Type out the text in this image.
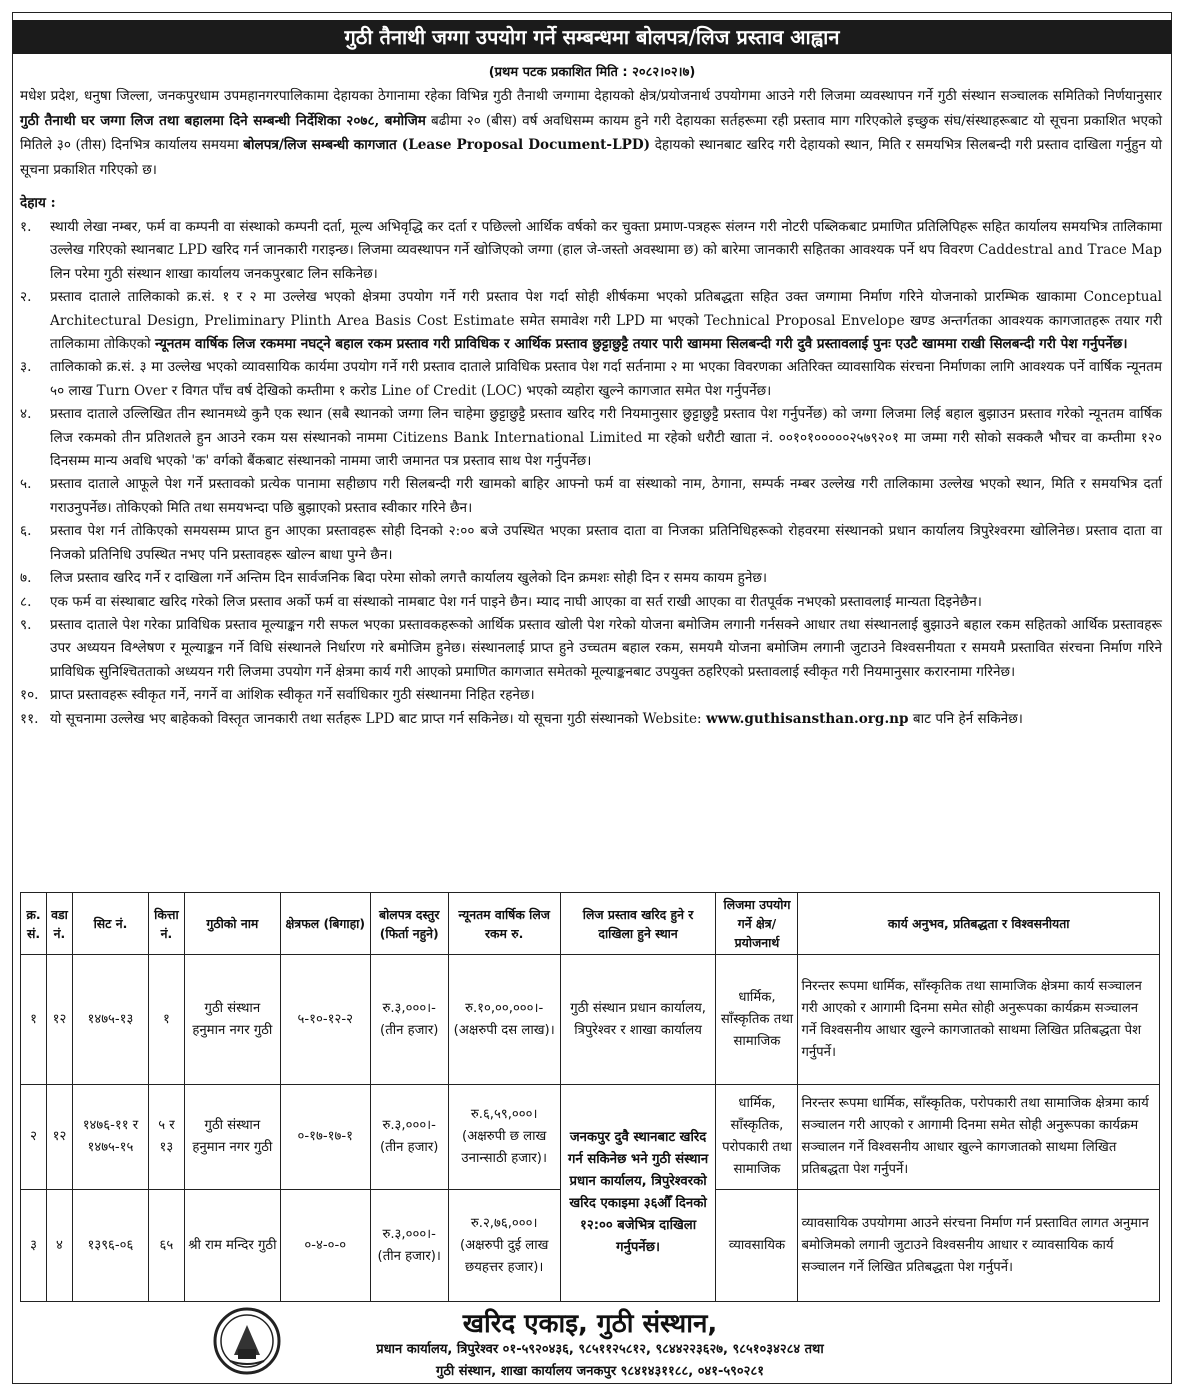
गुठी तैनाथी जग्गा उपयोग गर्ने सम्बन्धमा बोलपत्र/लिज प्रस्ताव आह्वान
(प्रथम पटक प्रकाशित मिति : २०८२।०२।७)
मधेश प्रदेश, धनुषा जिल्ला, जनकपुरधाम उपमहानगरपालिकामा देहायका ठेगानामा रहेका विभिन्न गुठी तैनाथी जग्गामा देहायको क्षेत्र/प्रयोजनार्थ उपयोगमा आउने गरी लिजमा व्यवस्थापन गर्ने गुठी संस्थान सञ्चालक समितिको निर्णयानुसार गुठी तैनाथी घर जग्गा लिज तथा बहालमा दिने सम्बन्धी निर्देशिका २०७८, बमोजिम बढीमा २० (बीस) वर्ष अवधिसम्म कायम हुने गरी देहायका सर्तहरूमा रही प्रस्ताव माग गरिएकोले इच्छुक संघ/संस्थाहरूबाट यो सूचना प्रकाशित भएको मितिले ३० (तीस) दिनभित्र कार्यालय समयमा बोलपत्र/लिज सम्बन्धी कागजात (Lease Proposal Document-LPD) देहायको स्थानबाट खरिद गरी देहायको स्थान, मिति र समयभित्र सिलबन्दी गरी प्रस्ताव दाखिला गर्नुहुन यो सूचना प्रकाशित गरिएको छ।
देहाय :
१.	स्थायी लेखा नम्बर, फर्म वा कम्पनी वा संस्थाको कम्पनी दर्ता, मूल्य अभिवृद्धि कर दर्ता र पछिल्लो आर्थिक वर्षको कर चुक्ता प्रमाण-पत्रहरू संलग्न गरी नोटरी पब्लिकबाट प्रमाणित प्रतिलिपिहरू सहित कार्यालय समयभित्र तालिकामा उल्लेख गरिएको स्थानबाट LPD खरिद गर्न जानकारी गराइन्छ। लिजमा व्यवस्थापन गर्ने खोजिएको जग्गा (हाल जे-जस्तो अवस्थामा छ) को बारेमा जानकारी सहितका आवश्यक पर्ने थप विवरण Caddestral and Trace Map लिन परेमा गुठी संस्थान शाखा कार्यालय जनकपुरबाट लिन सकिनेछ।
२.	प्रस्ताव दाताले तालिकाको क्र.सं. १ र २ मा उल्लेख भएको क्षेत्रमा उपयोग गर्ने गरी प्रस्ताव पेश गर्दा सोही शीर्षकमा भएको प्रतिबद्धता सहित उक्त जग्गामा निर्माण गरिने योजनाको प्रारम्भिक खाकामा Conceptual Architectural Design, Preliminary Plinth Area Basis Cost Estimate समेत समावेश गरी LPD मा भएको Technical Proposal Envelope खण्ड अन्तर्गतका आवश्यक कागजातहरू तयार गरी तालिकामा तोकिएको न्यूनतम वार्षिक लिज रकममा नघट्ने बहाल रकम प्रस्ताव गरी प्राविधिक र आर्थिक प्रस्ताव छुट्टाछुट्टै तयार पारी खाममा सिलबन्दी गरी दुवै प्रस्तावलाई पुनः एउटै खाममा राखी सिलबन्दी गरी पेश गर्नुपर्नेछ।
३.	तालिकाको क्र.सं. ३ मा उल्लेख भएको व्यावसायिक कार्यमा उपयोग गर्ने गरी प्रस्ताव दाताले प्राविधिक प्रस्ताव पेश गर्दा सर्तनामा २ मा भएका विवरणका अतिरिक्त व्यावसायिक संरचना निर्माणका लागि आवश्यक पर्ने वार्षिक न्यूनतम ५० लाख Turn Over र विगत पाँच वर्ष देखिको कम्तीमा १ करोड Line of Credit (LOC) भएको व्यहोरा खुल्ने कागजात समेत पेश गर्नुपर्नेछ।
४.	प्रस्ताव दाताले उल्लिखित तीन स्थानमध्ये कुनै एक स्थान (सबै स्थानको जग्गा लिन चाहेमा छुट्टाछुट्टै प्रस्ताव खरिद गरी नियमानुसार छुट्टाछुट्टै प्रस्ताव पेश गर्नुपर्नेछ) को जग्गा लिजमा लिई बहाल बुझाउन प्रस्ताव गरेको न्यूनतम वार्षिक लिज रकमको तीन प्रतिशतले हुन आउने रकम यस संस्थानको नाममा Citizens Bank International Limited मा रहेको धरौटी खाता नं. ००१०१०००००२५७९२०१ मा जम्मा गरी सोको सक्कलै भौचर वा कम्तीमा १२० दिनसम्म मान्य अवधि भएको 'क' वर्गको बैंकबाट संस्थानको नाममा जारी जमानत पत्र प्रस्ताव साथ पेश गर्नुपर्नेछ।
५.	प्रस्ताव दाताले आफूले पेश गर्ने प्रस्तावको प्रत्येक पानामा सहीछाप गरी सिलबन्दी गरी खामको बाहिर आफ्नो फर्म वा संस्थाको नाम, ठेगाना, सम्पर्क नम्बर उल्लेख गरी तालिकामा उल्लेख भएको स्थान, मिति र समयभित्र दर्ता गराउनुपर्नेछ। तोकिएको मिति तथा समयभन्दा पछि बुझाएको प्रस्ताव स्वीकार गरिने छैन।
६.	प्रस्ताव पेश गर्न तोकिएको समयसम्म प्राप्त हुन आएका प्रस्तावहरू सोही दिनको २:०० बजे उपस्थित भएका प्रस्ताव दाता वा निजका प्रतिनिधिहरूको रोहवरमा संस्थानको प्रधान कार्यालय त्रिपुरेश्वरमा खोलिनेछ। प्रस्ताव दाता वा निजको प्रतिनिधि उपस्थित नभए पनि प्रस्तावहरू खोल्न बाधा पुग्ने छैन।
७.	लिज प्रस्ताव खरिद गर्ने र दाखिला गर्ने अन्तिम दिन सार्वजनिक बिदा परेमा सोको लगत्तै कार्यालय खुलेको दिन क्रमशः सोही दिन र समय कायम हुनेछ।
८.	एक फर्म वा संस्थाबाट खरिद गरेको लिज प्रस्ताव अर्को फर्म वा संस्थाको नामबाट पेश गर्न पाइने छैन। म्याद नाघी आएका वा सर्त राखी आएका वा रीतपूर्वक नभएको प्रस्तावलाई मान्यता दिइनेछैन।
९.	प्रस्ताव दाताले पेश गरेका प्राविधिक प्रस्ताव मूल्याङ्कन गरी सफल भएका प्रस्तावकहरूको आर्थिक प्रस्ताव खोली पेश गरेको योजना बमोजिम लगानी गर्नसक्ने आधार तथा संस्थानलाई बुझाउने बहाल रकम सहितको आर्थिक प्रस्तावहरू उपर अध्ययन विश्लेषण र मूल्याङ्कन गर्ने विधि संस्थानले निर्धारण गरे बमोजिम हुनेछ। संस्थानलाई प्राप्त हुने उच्चतम बहाल रकम, समयमै योजना बमोजिम लगानी जुटाउने विश्वसनीयता र समयमै प्रस्तावित संरचना निर्माण गरिने प्राविधिक सुनिश्चितताको अध्ययन गरी लिजमा उपयोग गर्ने क्षेत्रमा कार्य गरी आएको प्रमाणित कागजात समेतको मूल्याङ्कनबाट उपयुक्त ठहरिएको प्रस्तावलाई स्वीकृत गरी नियमानुसार करारनामा गरिनेछ।
१०. प्राप्त प्रस्तावहरू स्वीकृत गर्ने, नगर्ने वा आंशिक स्वीकृत गर्ने सर्वाधिकार गुठी संस्थानमा निहित रहनेछ।
११. यो सूचनामा उल्लेख भए बाहेकको विस्तृत जानकारी तथा सर्तहरू LPD बाट प्राप्त गर्न सकिनेछ। यो सूचना गुठी संस्थानको Website: www.guthisansthan.org.np बाट पनि हेर्न सकिनेछ।
क्र. सं.	वडा नं.	सिट नं.	कित्ता नं.	गुठीको नाम	क्षेत्रफल (बिगाहा)	बोलपत्र दस्तुर (फिर्ता नहुने)	न्यूनतम वार्षिक लिज रकम रु.	लिज प्रस्ताव खरिद हुने र दाखिला हुने स्थान	लिजमा उपयोग गर्ने क्षेत्र/प्रयोजनार्थ	कार्य अनुभव, प्रतिबद्धता र विश्वसनीयता
१	१२	१४७५-१३	१	गुठी संस्थान हनुमान नगर गुठी	५-१०-१२-२	रु.३,०००।- (तीन हजार)	रु.१०,००,०००।- (अक्षरुपी दस लाख)।	गुठी संस्थान प्रधान कार्यालय, त्रिपुरेश्वर र शाखा कार्यालय	धार्मिक, साँस्कृतिक तथा सामाजिक	निरन्तर रूपमा धार्मिक, साँस्कृतिक तथा सामाजिक क्षेत्रमा कार्य सञ्चालन गरी आएको र आगामी दिनमा समेत सोही अनुरूपका कार्यक्रम सञ्चालन गर्ने विश्वसनीय आधार खुल्ने कागजातको साथमा लिखित प्रतिबद्धता पेश गर्नुपर्ने।
२	१२	१४७६-११ र १४७५-१५	५ र १३	गुठी संस्थान हनुमान नगर गुठी	०-१७-१७-१	रु.३,०००।- (तीन हजार)	रु.६,५९,०००। (अक्षरुपी छ लाख उनान्साठी हजार)।	जनकपुर दुवै स्थानबाट खरिद गर्न सकिनेछ भने गुठी संस्थान प्रधान कार्यालय, त्रिपुरेश्वरको खरिद एकाइमा ३६औँ दिनको १२:०० बजेभित्र दाखिला गर्नुपर्नेछ।	धार्मिक, साँस्कृतिक, परोपकारी तथा सामाजिक	निरन्तर रूपमा धार्मिक, साँस्कृतिक, परोपकारी तथा सामाजिक क्षेत्रमा कार्य सञ्चालन गरी आएको र आगामी दिनमा समेत सोही अनुरूपका कार्यक्रम सञ्चालन गर्ने विश्वसनीय आधार खुल्ने कागजातको साथमा लिखित प्रतिबद्धता पेश गर्नुपर्ने।
३	४	१३९६-०६	६५	श्री राम मन्दिर गुठी	०-४-०-०	रु.३,०००।- (तीन हजार)।	रु.२,७६,०००। (अक्षरुपी दुई लाख छयहत्तर हजार)।		व्यावसायिक	व्यावसायिक उपयोगमा आउने संरचना निर्माण गर्न प्रस्तावित लागत अनुमान बमोजिमको लगानी जुटाउने विश्वसनीय आधार र व्यावसायिक कार्य सञ्चालन गर्ने लिखित प्रतिबद्धता पेश गर्नुपर्ने।
खरिद एकाइ, गुठी संस्थान,
प्रधान कार्यालय, त्रिपुरेश्वर ०१-५९२०४३६, ९८५११२५८१२, ९८४४२२३६२७, ९८५१०३४२८४ तथा
गुठी संस्थान, शाखा कार्यालय जनकपुर ९८४१४३११८८, ०४१-५९०२८१
